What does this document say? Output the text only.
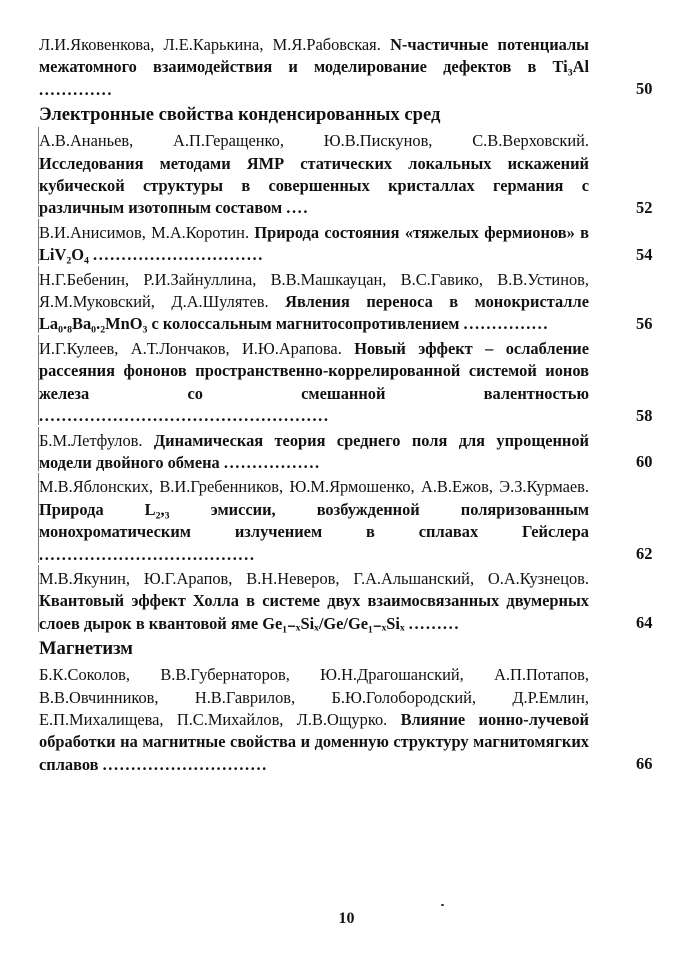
Л.И.Яковенкова, Л.Е.Карькина, М.Я.Рабовская. N-частичные потенциалы межатомного взаимодействия и моделирование дефектов в Ti₃Al .............	50
Электронные свойства конденсированных сред

А.В.Ананьев, А.П.Геращенко, Ю.В.Пискунов, С.В.Верховский. Исследования методами ЯМР статических локальных искажений кубической структуры в совершенных кристаллах германия с различным изотопным составом ....	52

В.И.Анисимов, М.А.Коротин. Природа состояния «тяжелых фермионов» в LiV₂O₄ ..............................	54

Н.Г.Бебенин, Р.И.Зайнуллина, В.В.Машкауцан, В.С.Гавико, В.В.Устинов, Я.М.Муковский, Д.А.Шулятев. Явления переноса в монокристалле La₀.₈Ba₀.₂MnO₃ с колоссальным магнитосопротивлением ...............	56

И.Г.Кулеев, А.Т.Лончаков, И.Ю.Арапова. Новый эффект – ослабление рассеяния фононов пространственно-коррелированной системой ионов железа со смешанной валентностью ...................................................	58

Б.М.Летфулов. Динамическая теория среднего поля для упрощенной модели двойного обмена .................	60

М.В.Яблонских, В.И.Гребенников, Ю.М.Ярмошенко, А.В.Ежов, Э.З.Курмаев. Природа L₂,₃ эмиссии, возбужденной поляризованным монохроматическим излучением в сплавах Гейслера ......................................	62

М.В.Якунин, Ю.Г.Арапов, В.Н.Неверов, Г.А.Альшанский, О.А.Кузнецов. Квантовый эффект Холла в системе двух взаимосвязанных двумерных слоев дырок в квантовой яме Ge₁₋ₓSiₓ/Ge/Ge₁₋ₓSiₓ .........	64
Магнетизм

Б.К.Соколов, В.В.Губернаторов, Ю.Н.Драгошанский, А.П.Потапов, В.В.Овчинников, Н.В.Гаврилов, Б.Ю.Голобородский, Д.Р.Емлин, Е.П.Михалищева, П.С.Михайлов, Л.В.Ощурко. Влияние ионно-лучевой обработки на магнитные свойства и доменную структуру магнитомягких сплавов .............................	66
10
